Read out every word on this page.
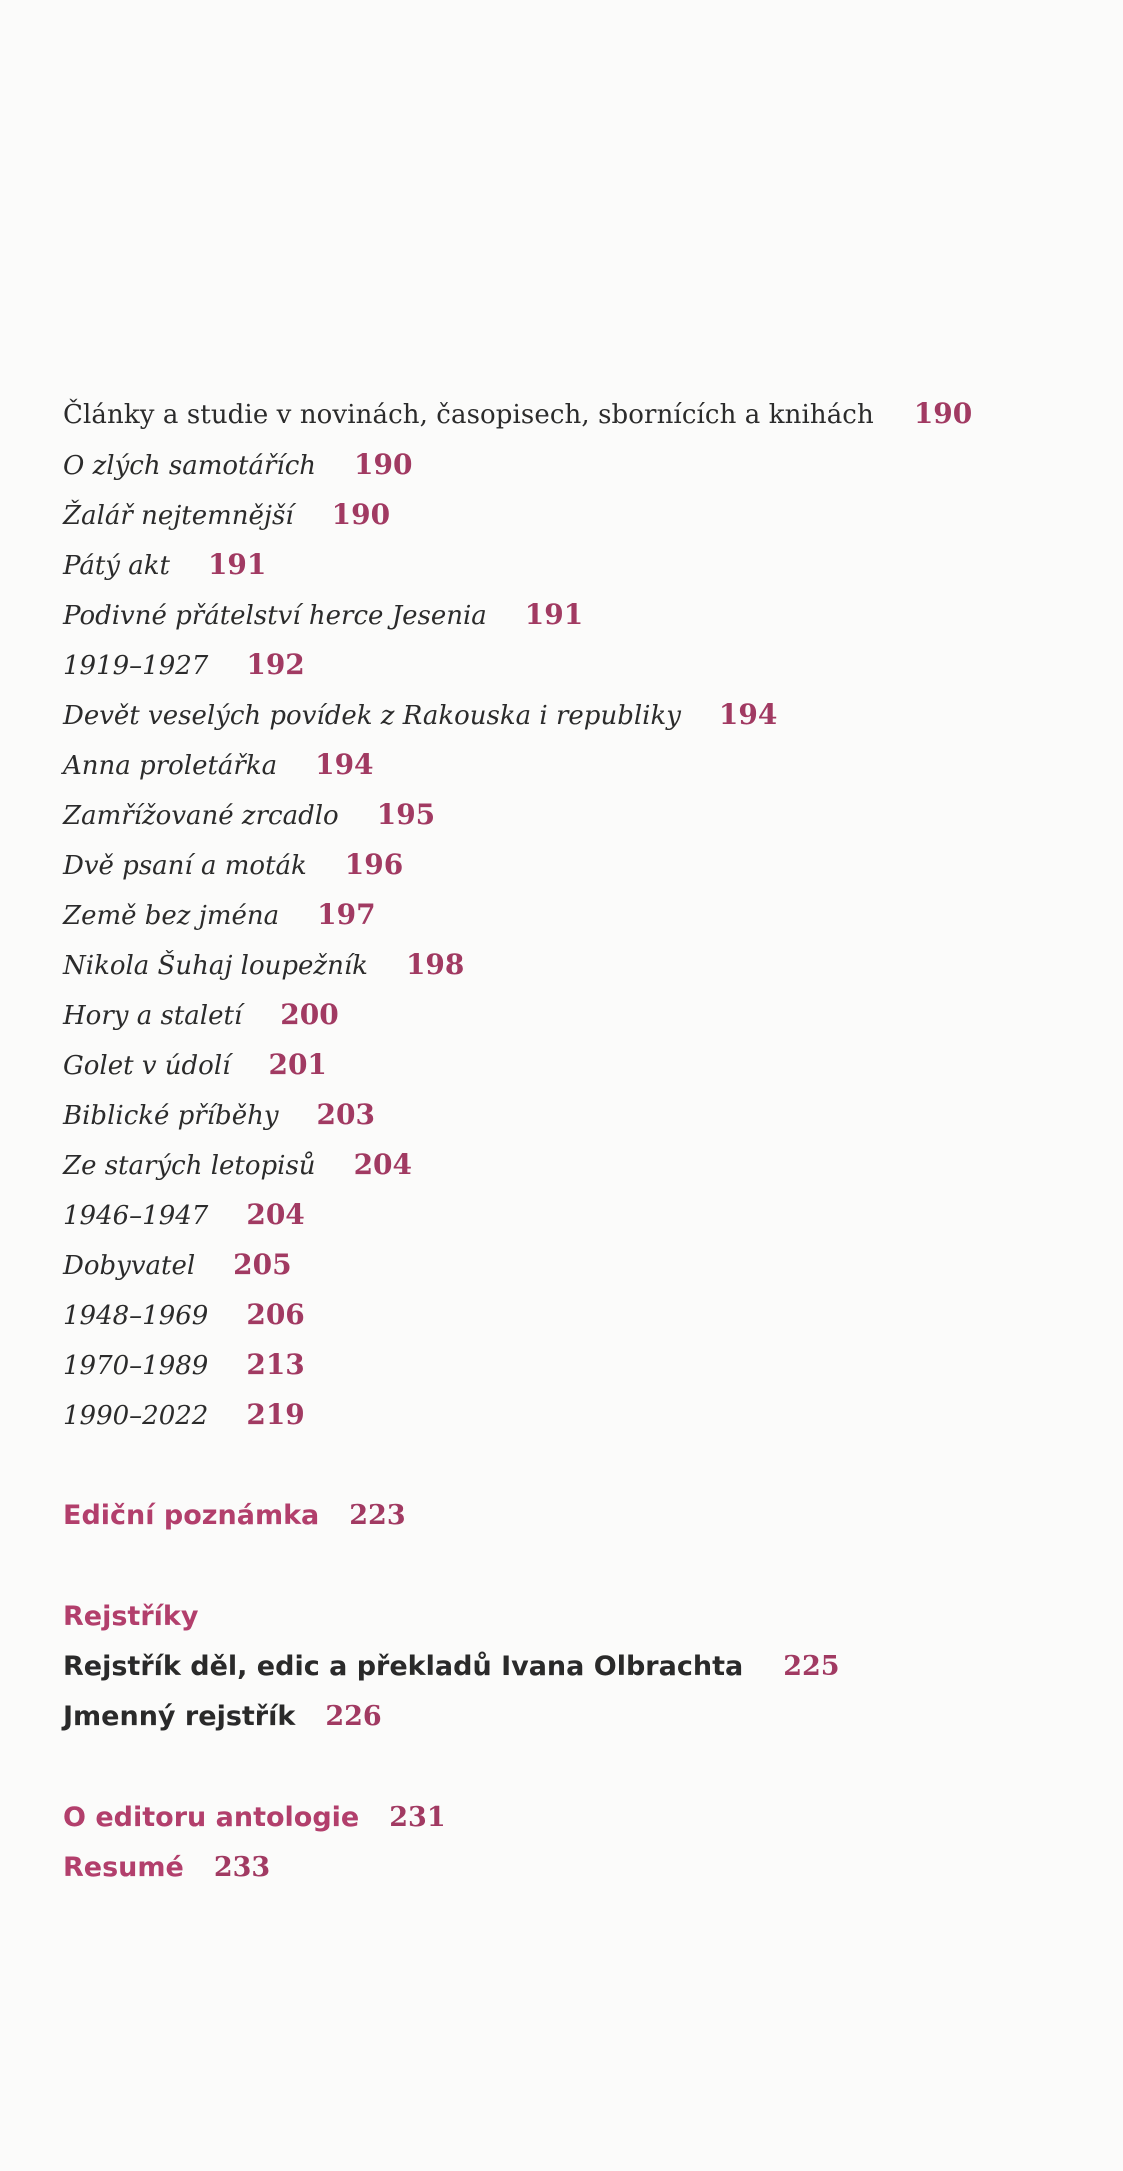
Články a studie v novinách, časopisech, sbornících a knihách 190
O zlých samotářích 190
Žalář nejtemnější 190
Pátý akt 191
Podivné přátelství herce Jesenia 191
1919–1927 192
Devět veselých povídek z Rakouska i republiky 194
Anna proletářka 194
Zamřížované zrcadlo 195
Dvě psaní a moták 196
Země bez jména 197
Nikola Šuhaj loupežník 198
Hory a staletí 200
Golet v údolí 201
Biblické příběhy 203
Ze starých letopisů 204
1946–1947 204
Dobyvatel 205
1948–1969 206
1970–1989 213
1990–2022 219
Ediční poznámka 223
Rejstříky
Rejstřík děl, edic a překladů Ivana Olbrachta 225
Jmenný rejstřík 226
O editoru antologie 231
Resumé 233
